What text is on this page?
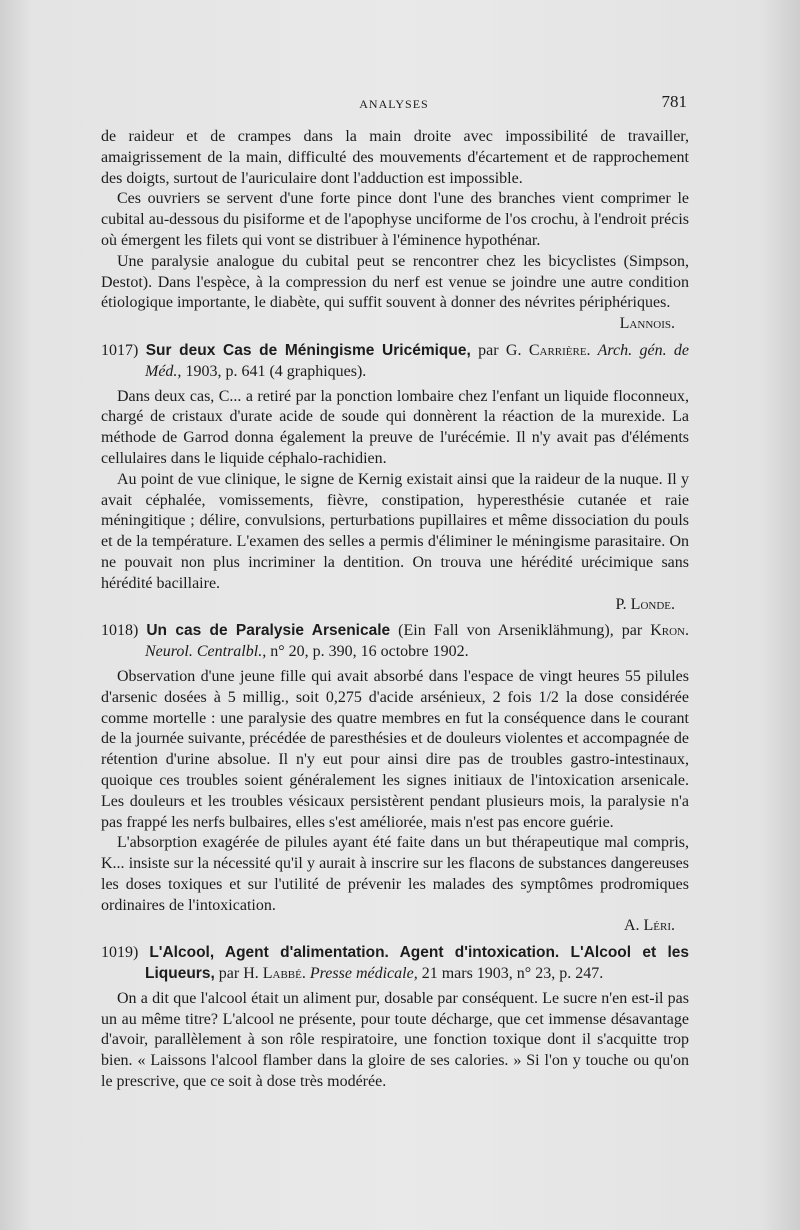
ANALYSES	781

de raideur et de crampes dans la main droite avec impossibilité de travailler, amaigrissement de la main, difficulté des mouvements d'écartement et de rapprochement des doigts, surtout de l'auriculaire dont l'adduction est impossible.

Ces ouvriers se servent d'une forte pince dont l'une des branches vient comprimer le cubital au-dessous du pisiforme et de l'apophyse unciforme de l'os crochu, à l'endroit précis où émergent les filets qui vont se distribuer à l'éminence hypothénar.

Une paralysie analogue du cubital peut se rencontrer chez les bicyclistes (Simpson, Destot). Dans l'espèce, à la compression du nerf est venue se joindre une autre condition étiologique importante, le diabète, qui suffit souvent à donner des névrites périphériques.

Lannois.

1017) Sur deux Cas de Méningisme Uricémique, par G. Carrière. Arch. gén. de Méd., 1903, p. 641 (4 graphiques).

Dans deux cas, C... a retiré par la ponction lombaire chez l'enfant un liquide floconneux, chargé de cristaux d'urate acide de soude qui donnèrent la réaction de la murexide. La méthode de Garrod donna également la preuve de l'urécémie. Il n'y avait pas d'éléments cellulaires dans le liquide céphalo-rachidien.

Au point de vue clinique, le signe de Kernig existait ainsi que la raideur de la nuque. Il y avait céphalée, vomissements, fièvre, constipation, hyperesthésie cutanée et raie méningitique ; délire, convulsions, perturbations pupillaires et même dissociation du pouls et de la température. L'examen des selles a permis d'éliminer le méningisme parasitaire. On ne pouvait non plus incriminer la dentition. On trouva une hérédité urécimique sans hérédité bacillaire.

P. Londe.

1018) Un cas de Paralysie Arsenicale (Ein Fall von Arseniklähmung), par Kron. Neurol. Centralbl., n° 20, p. 390, 16 octobre 1902.

Observation d'une jeune fille qui avait absorbé dans l'espace de vingt heures 55 pilules d'arsenic dosées à 5 millig., soit 0,275 d'acide arsénieux, 2 fois 1/2 la dose considérée comme mortelle : une paralysie des quatre membres en fut la conséquence dans le courant de la journée suivante, précédée de paresthésies et de douleurs violentes et accompagnée de rétention d'urine absolue. Il n'y eut pour ainsi dire pas de troubles gastro-intestinaux, quoique ces troubles soient généralement les signes initiaux de l'intoxication arsenicale. Les douleurs et les troubles vésicaux persistèrent pendant plusieurs mois, la paralysie n'a pas frappé les nerfs bulbaires, elles s'est améliorée, mais n'est pas encore guérie.

L'absorption exagérée de pilules ayant été faite dans un but thérapeutique mal compris, K... insiste sur la nécessité qu'il y aurait à inscrire sur les flacons de substances dangereuses les doses toxiques et sur l'utilité de prévenir les malades des symptômes prodromiques ordinaires de l'intoxication.

A. Léri.

1019) L'Alcool, Agent d'alimentation. Agent d'intoxication. L'Alcool et les Liqueurs, par H. Labbé. Presse médicale, 21 mars 1903, n° 23, p. 247.

On a dit que l'alcool était un aliment pur, dosable par conséquent. Le sucre n'en est-il pas un au même titre? L'alcool ne présente, pour toute décharge, que cet immense désavantage d'avoir, parallèlement à son rôle respiratoire, une fonction toxique dont il s'acquitte trop bien. « Laissons l'alcool flamber dans la gloire de ses calories. » Si l'on y touche ou qu'on le prescrive, que ce soit à dose très modérée.
